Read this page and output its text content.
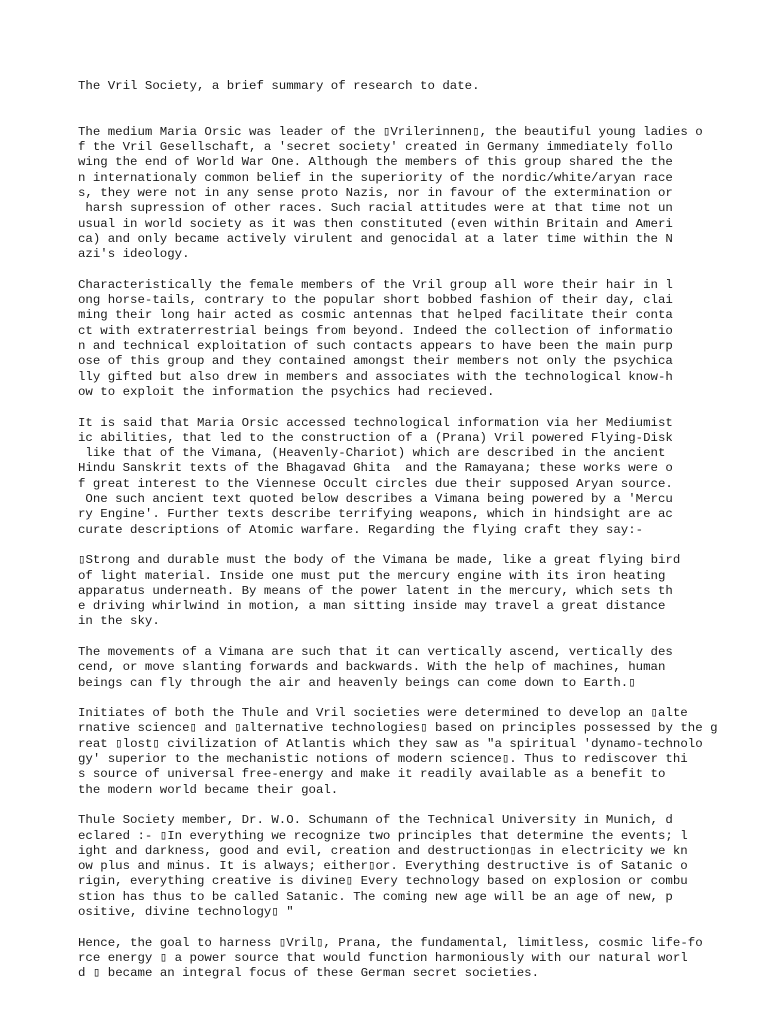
The Vril Society, a brief summary of research to date.

The medium Maria Orsic was leader of the ▯Vrilerinnen▯, the beautiful young ladies o
f the Vril Gesellschaft, a 'secret society' created in Germany immediately follo
wing the end of World War One. Although the members of this group shared the the
n internationaly common belief in the superiority of the nordic/white/aryan race
s, they were not in any sense proto Nazis, nor in favour of the extermination or
harsh supression of other races. Such racial attitudes were at that time not un
usual in world society as it was then constituted (even within Britain and Ameri
ca) and only became actively virulent and genocidal at a later time within the N
azi's ideology.

Characteristically the female members of the Vril group all wore their hair in l
ong horse-tails, contrary to the popular short bobbed fashion of their day, clai
ming their long hair acted as cosmic antennas that helped facilitate their conta
ct with extraterrestrial beings from beyond. Indeed the collection of informatio
n and technical exploitation of such contacts appears to have been the main purp
ose of this group and they contained amongst their members not only the psychica
lly gifted but also drew in members and associates with the technological know-h
ow to exploit the information the psychics had recieved.

It is said that Maria Orsic accessed technological information via her Mediumist
ic abilities, that led to the construction of a (Prana) Vril powered Flying-Disk
like that of the Vimana, (Heavenly-Chariot) which are described in the ancient
Hindu Sanskrit texts of the Bhagavad Ghita  and the Ramayana; these works were o
f great interest to the Viennese Occult circles due their supposed Aryan source.
One such ancient text quoted below describes a Vimana being powered by a 'Mercu
ry Engine'. Further texts describe terrifying weapons, which in hindsight are ac
curate descriptions of Atomic warfare. Regarding the flying craft they say:-

▯Strong and durable must the body of the Vimana be made, like a great flying bird
of light material. Inside one must put the mercury engine with its iron heating
apparatus underneath. By means of the power latent in the mercury, which sets th
e driving whirlwind in motion, a man sitting inside may travel a great distance
in the sky.

The movements of a Vimana are such that it can vertically ascend, vertically des
cend, or move slanting forwards and backwards. With the help of machines, human
beings can fly through the air and heavenly beings can come down to Earth.▯

Initiates of both the Thule and Vril societies were determined to develop an ▯alte
rnative science▯ and ▯alternative technologies▯ based on principles possessed by the g
reat ▯lost▯ civilization of Atlantis which they saw as "a spiritual 'dynamo-technolo
gy' superior to the mechanistic notions of modern science▯. Thus to rediscover thi
s source of universal free-energy and make it readily available as a benefit to
the modern world became their goal.

Thule Society member, Dr. W.O. Schumann of the Technical University in Munich, d
eclared :- ▯In everything we recognize two principles that determine the events; l
ight and darkness, good and evil, creation and destruction▯as in electricity we kn
ow plus and minus. It is always; either▯or. Everything destructive is of Satanic o
rigin, everything creative is divine▯ Every technology based on explosion or combu
stion has thus to be called Satanic. The coming new age will be an age of new, p
ositive, divine technology▯ "

Hence, the goal to harness ▯Vril▯, Prana, the fundamental, limitless, cosmic life-fo
rce energy ▯ a power source that would function harmoniously with our natural worl
d ▯ became an integral focus of these German secret societies.
